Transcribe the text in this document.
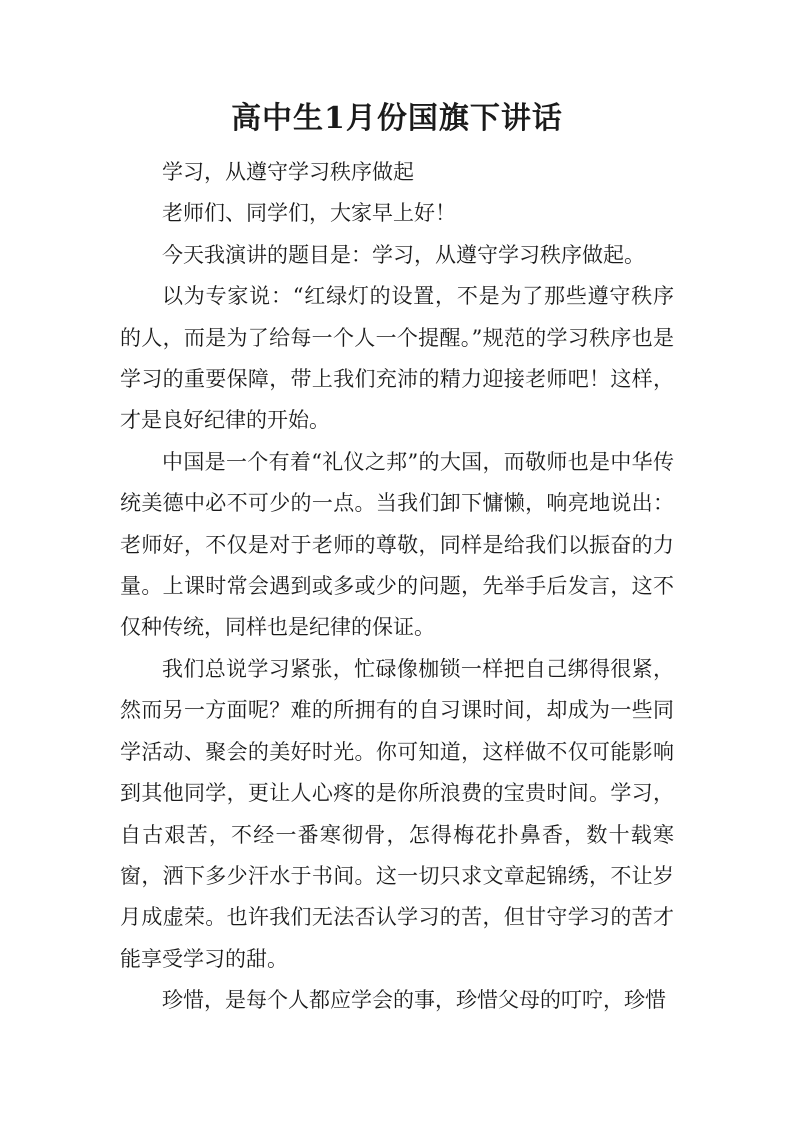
高中生1月份国旗下讲话

学习，从遵守学习秩序做起

老师们、同学们，大家早上好！

今天我演讲的题目是：学习，从遵守学习秩序做起。

以为专家说：“红绿灯的设置，不是为了那些遵守秩序的人，而是为了给每一个人一个提醒。”规范的学习秩序也是学习的重要保障，带上我们充沛的精力迎接老师吧！这样，才是良好纪律的开始。

中国是一个有着“礼仪之邦”的大国，而敬师也是中华传统美德中必不可少的一点。当我们卸下慵懒，响亮地说出：老师好，不仅是对于老师的尊敬，同样是给我们以振奋的力量。上课时常会遇到或多或少的问题，先举手后发言，这不仅种传统，同样也是纪律的保证。

我们总说学习紧张，忙碌像枷锁一样把自己绑得很紧，然而另一方面呢？难的所拥有的自习课时间，却成为一些同学活动、聚会的美好时光。你可知道，这样做不仅可能影响到其他同学，更让人心疼的是你所浪费的宝贵时间。学习，自古艰苦，不经一番寒彻骨，怎得梅花扑鼻香，数十载寒窗，洒下多少汗水于书间。这一切只求文章起锦绣，不让岁月成虚荣。也许我们无法否认学习的苦，但甘守学习的苦才能享受学习的甜。

珍惜，是每个人都应学会的事，珍惜父母的叮咛，珍惜
